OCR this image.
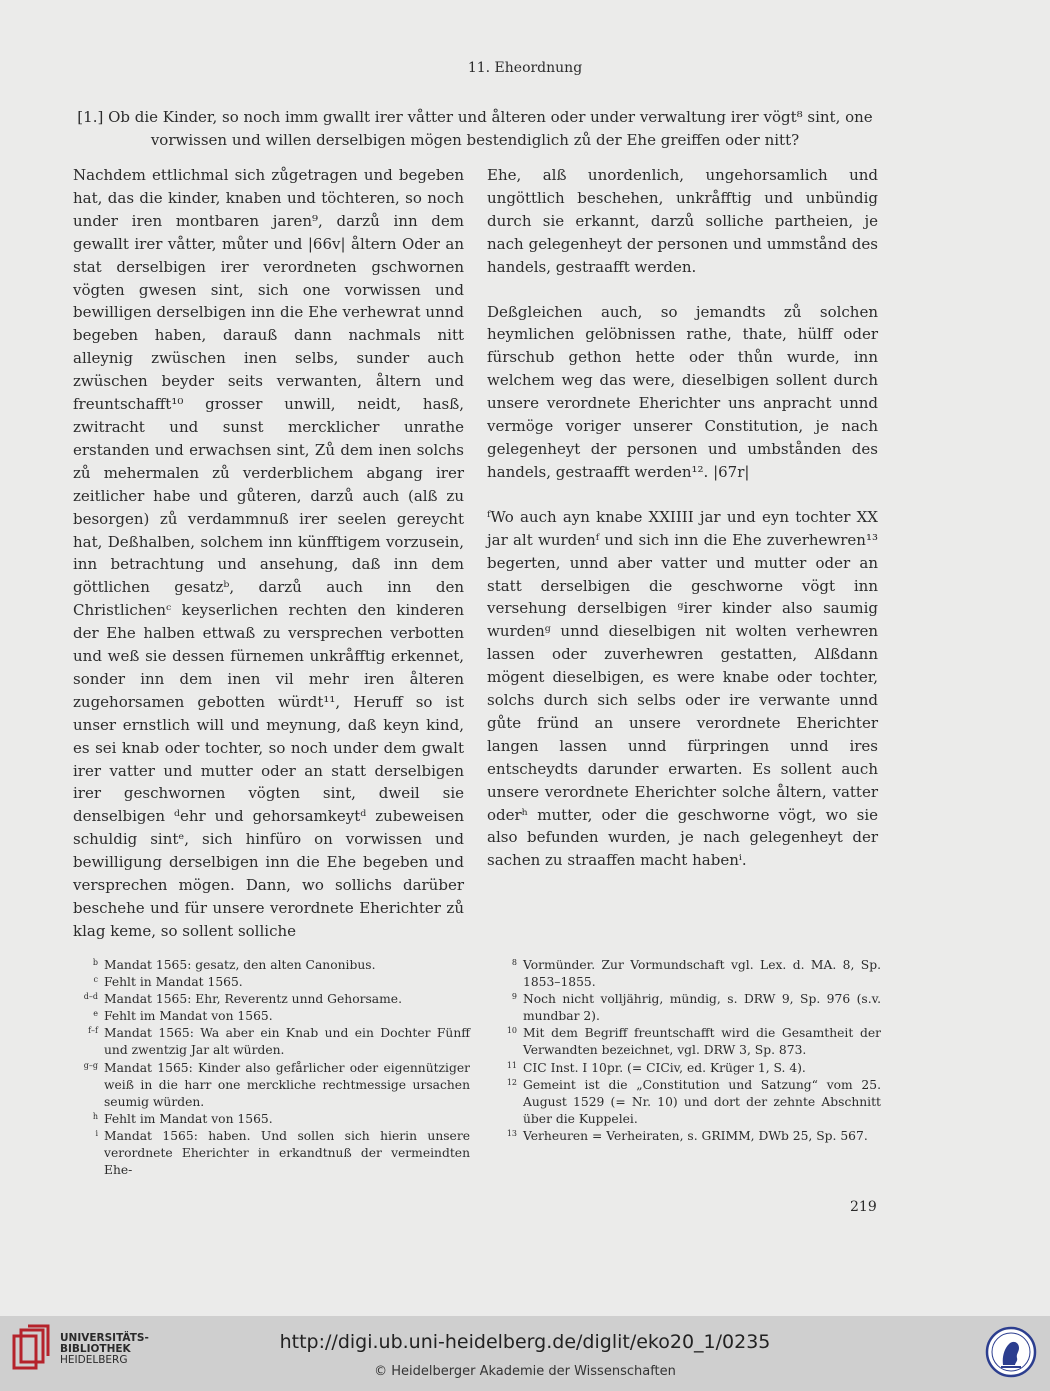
11. Eheordnung
[1.] Ob die Kinder, so noch imm gwallt irer våtter und ålteren oder under verwaltung irer vögt⁸ sint, one vorwissen und willen derselbigen mögen bestendiglich zů der Ehe greiffen oder nitt?

Nachdem ettlichmal sich zůgetragen und begeben hat, das die kinder, knaben und töchteren, so noch under iren montbaren jaren⁹, darzů inn dem gewallt irer våtter, můter und |66v| åltern Oder an stat derselbigen irer verordneten gschwornen vögten gwesen sint, sich one vorwissen und bewilligen derselbigen inn die Ehe verhewrat unnd begeben haben, darauß dann nachmals nitt alleynig zwüschen inen selbs, sunder auch zwüschen beyder seits verwanten, åltern und freuntschafft¹⁰ grosser unwill, neidt, hasß, zwitracht und sunst mercklicher unrathe erstanden und erwachsen sint, Zů dem inen solchs zů mehermalen zů verderblichem abgang irer zeitlicher habe und gůteren, darzů auch (alß zu besorgen) zů verdammnuß irer seelen gereycht hat, Deßhalben, solchem inn künfftigem vorzusein, inn betrachtung und ansehung, daß inn dem göttlichen gesatzᵇ, darzů auch inn den Christlichenᶜ keyserlichen rechten den kinderen der Ehe halben ettwaß zu versprechen verbotten und weß sie dessen fürnemen unkråfftig erkennet, sonder inn dem inen vil mehr iren ålteren zugehorsamen gebotten würdt¹¹, Heruff so ist unser ernstlich will und meynung, daß keyn kind, es sei knab oder tochter, so noch under dem gwalt irer vatter und mutter oder an statt derselbigen irer geschwornen vögten sint, dweil sie denselbigen ᵈehr und gehorsamkeytᵈ zubeweisen schuldig sintᵉ, sich hinfüro on vorwissen und bewilligung derselbigen inn die Ehe begeben und versprechen mögen. Dann, wo sollichs darüber beschehe und für unsere verordnete Eherichter zů klag keme, so sollent solliche

Ehe, alß unordenlich, ungehorsamlich und ungöttlich beschehen, unkråfftig und unbündig durch sie erkannt, darzů solliche partheien, je nach gelegenheyt der personen und ummstånd des handels, gestraafft werden.

Deßgleichen auch, so jemandts zů solchen heymlichen gelöbnissen rathe, thate, hülff oder fürschub gethon hette oder thůn wurde, inn welchem weg das were, dieselbigen sollent durch unsere verordnete Eherichter uns anpracht unnd vermöge voriger unserer Constitution, je nach gelegenheyt der personen und umbstånden des handels, gestraafft werden¹². |67r|

ᶠWo auch ayn knabe XXIIII jar und eyn tochter XX jar alt wurdenᶠ und sich inn die Ehe zuverhewren¹³ begerten, unnd aber vatter und mutter oder an statt derselbigen die geschworne vögt inn versehung derselbigen ᵍirer kinder also saumig wurdenᵍ unnd dieselbigen nit wolten verhewren lassen oder zuverhewren gestatten, Alßdann mögent dieselbigen, es were knabe oder tochter, solchs durch sich selbs oder ire verwante unnd gůte fründ an unsere verordnete Eherichter langen lassen unnd fürpringen unnd ires entscheydts darunder erwarten. Es sollent auch unsere verordnete Eherichter solche åltern, vatter oderʰ mutter, oder die geschworne vögt, wo sie also befunden wurden, je nach gelegenheyt der sachen zu straaffen macht habenⁱ.

b Mandat 1565: gesatz, den alten Canonibus.
c Fehlt in Mandat 1565.
d–d Mandat 1565: Ehr, Reverentz unnd Gehorsame.
e Fehlt im Mandat von 1565.
f–f Mandat 1565: Wa aber ein Knab und ein Dochter Fünff und zwentzig Jar alt würden.
g–g Mandat 1565: Kinder also gefårlicher oder eigennütziger weiß in die harr one merckliche rechtmessige ursachen seumig würden.
h Fehlt im Mandat von 1565.
i Mandat 1565: haben. Und sollen sich hierin unsere verordnete Eherichter in erkandtnuß der vermeindten Ehe-
8 Vormünder. Zur Vormundschaft vgl. Lex. d. MA. 8, Sp. 1853–1855.
9 Noch nicht volljährig, mündig, s. DRW 9, Sp. 976 (s.v. mundbar 2).
10 Mit dem Begriff freuntschafft wird die Gesamtheit der Verwandten bezeichnet, vgl. DRW 3, Sp. 873.
11 CIC Inst. I 10pr. (= CICiv, ed. Krüger 1, S. 4).
12 Gemeint ist die „Constitution und Satzung“ vom 25. August 1529 (= Nr. 10) und dort der zehnte Abschnitt über die Kuppelei.
13 Verheuren = Verheiraten, s. GRIMM, DWb 25, Sp. 567.
219
UNIVERSITÄTS-
BIBLIOTHEK
HEIDELBERG
http://digi.ub.uni-heidelberg.de/diglit/eko20_1/0235
© Heidelberger Akademie der Wissenschaften
